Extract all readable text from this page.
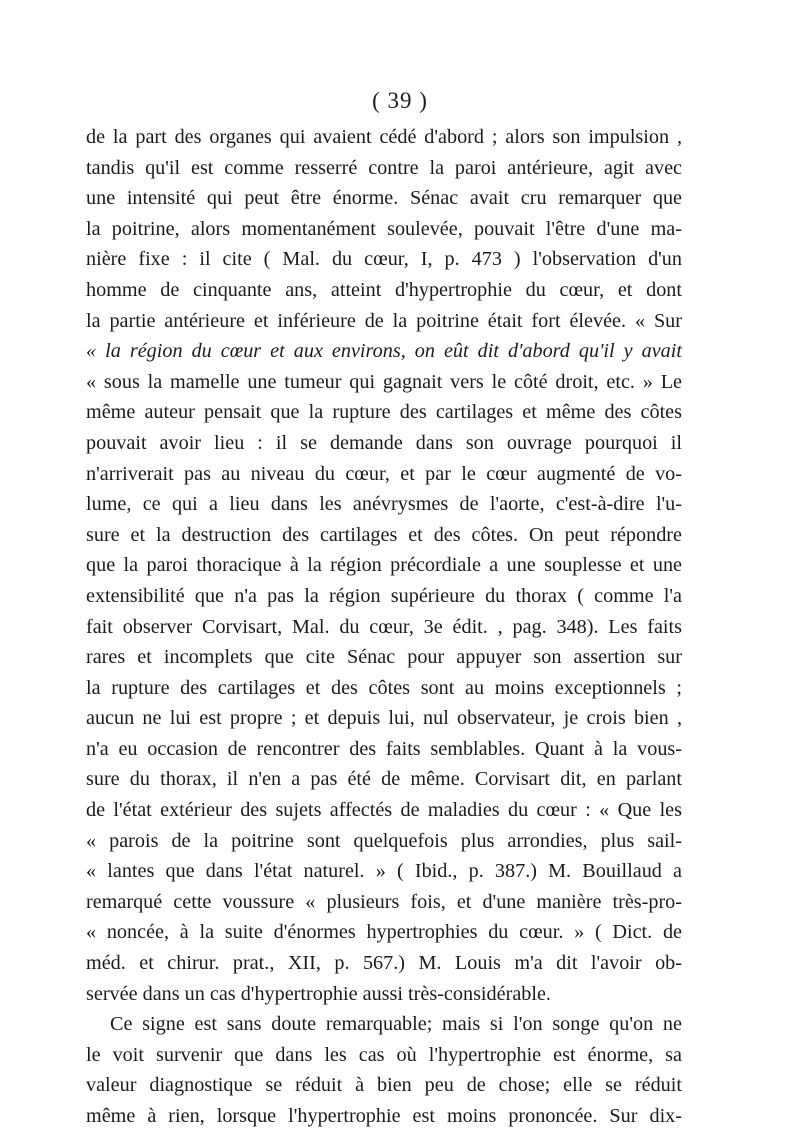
( 39 )
de la part des organes qui avaient cédé d'abord ; alors son impulsion ,
tandis qu'il est comme resserré contre la paroi antérieure, agit avec
une intensité qui peut être énorme. Sénac avait cru remarquer que
la poitrine, alors momentanément soulevée, pouvait l'être d'une ma-
nière fixe : il cite ( Mal. du cœur, I, p. 473 ) l'observation d'un
homme de cinquante ans, atteint d'hypertrophie du cœur, et dont
la partie antérieure et inférieure de la poitrine était fort élevée. « Sur
« la région du cœur et aux environs, on eût dit d'abord qu'il y avait
« sous la mamelle une tumeur qui gagnait vers le côté droit, etc. » Le
même auteur pensait que la rupture des cartilages et même des côtes
pouvait avoir lieu : il se demande dans son ouvrage pourquoi il
n'arriverait pas au niveau du cœur, et par le cœur augmenté de vo-
lume, ce qui a lieu dans les anévrysmes de l'aorte, c'est-à-dire l'u-
sure et la destruction des cartilages et des côtes. On peut répondre
que la paroi thoracique à la région précordiale a une souplesse et une
extensibilité que n'a pas la région supérieure du thorax ( comme l'a
fait observer Corvisart, Mal. du cœur, 3e édit. , pag. 348). Les faits
rares et incomplets que cite Sénac pour appuyer son assertion sur
la rupture des cartilages et des côtes sont au moins exceptionnels ;
aucun ne lui est propre ; et depuis lui, nul observateur, je crois bien ,
n'a eu occasion de rencontrer des faits semblables. Quant à la vous-
sure du thorax, il n'en a pas été de même. Corvisart dit, en parlant
de l'état extérieur des sujets affectés de maladies du cœur : « Que les
« parois de la poitrine sont quelquefois plus arrondies, plus sail-
« lantes que dans l'état naturel. » ( Ibid., p. 387.) M. Bouillaud a
remarqué cette voussure « plusieurs fois, et d'une manière très-pro-
« noncée, à la suite d'énormes hypertrophies du cœur. » ( Dict. de
méd. et chirur. prat., XII, p. 567.) M. Louis m'a dit l'avoir ob-
servée dans un cas d'hypertrophie aussi très-considérable.
Ce signe est sans doute remarquable; mais si l'on songe qu'on ne
le voit survenir que dans les cas où l'hypertrophie est énorme, sa
valeur diagnostique se réduit à bien peu de chose; elle se réduit
même à rien, lorsque l'hypertrophie est moins prononcée. Sur dix-
